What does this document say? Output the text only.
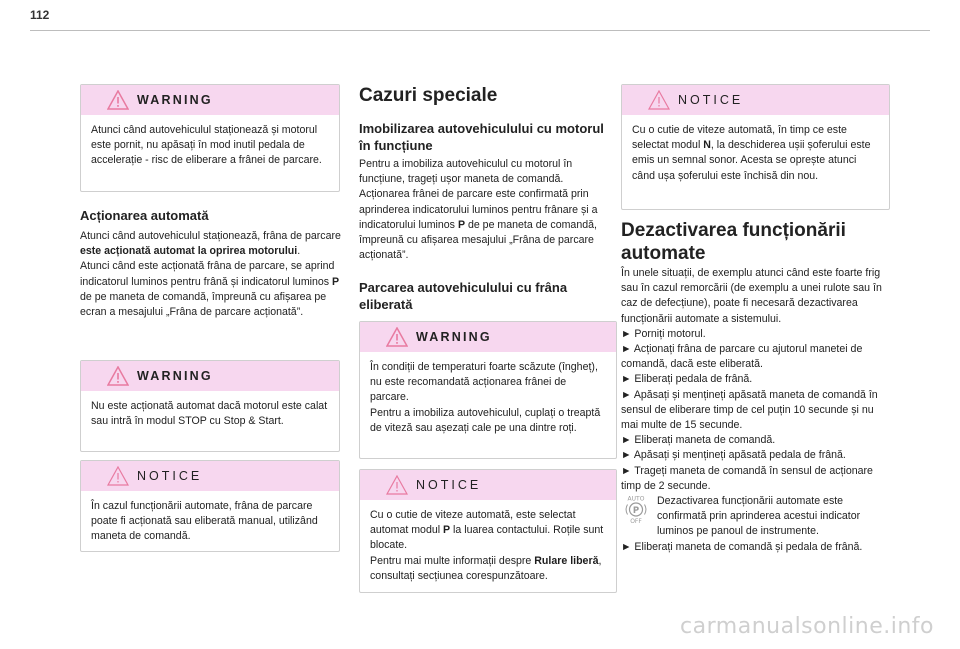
112
WARNING
Atunci când autovehiculul staționează și motorul este pornit, nu apăsați în mod inutil pedala de accelerație - risc de eliberare a frânei de parcare.
Acționarea automată
Atunci când autovehiculul staționează, frâna de parcare este acționată automat la oprirea motorului.
Atunci când este acționată frâna de parcare, se aprind indicatorul luminos pentru frână și indicatorul luminos P de pe maneta de comandă, împreună cu afișarea pe ecran a mesajului „Frâna de parcare acționată”.
WARNING
Nu este acționată automat dacă motorul este calat sau intră în modul STOP cu Stop & Start.
NOTICE
În cazul funcționării automate, frâna de parcare poate fi acționată sau eliberată manual, utilizând maneta de comandă.
Cazuri speciale
Imobilizarea autovehiculului cu motorul în funcțiune
Pentru a imobiliza autovehiculul cu motorul în funcțiune, trageți ușor maneta de comandă.
Acționarea frânei de parcare este confirmată prin aprinderea indicatorului luminos pentru frânare și a indicatorului luminos P de pe maneta de comandă, împreună cu afișarea mesajului „Frâna de parcare acționată”.
Parcarea autovehiculului cu frâna eliberată
WARNING
În condiții de temperaturi foarte scăzute (îngheț), nu este recomandată acționarea frânei de parcare.
Pentru a imobiliza autovehiculul, cuplați o treaptă de viteză sau așezați cale pe una dintre roți.
NOTICE
Cu o cutie de viteze automată, este selectat automat modul P la luarea contactului. Roțile sunt blocate.
Pentru mai multe informații despre Rulare liberă, consultați secțiunea corespunzătoare.
NOTICE
Cu o cutie de viteze automată, în timp ce este selectat modul N, la deschiderea ușii șoferului este emis un semnal sonor. Acesta se oprește atunci când ușa șoferului este închisă din nou.
Dezactivarea funcționării automate
În unele situații, de exemplu atunci când este foarte frig sau în cazul remorcării (de exemplu a unei rulote sau în caz de defecțiune), poate fi necesară dezactivarea funcționării automate a sistemului.
► Porniți motorul.
► Acționați frâna de parcare cu ajutorul manetei de comandă, dacă este eliberată.
► Eliberați pedala de frână.
► Apăsați și mențineți apăsată maneta de comandă în sensul de eliberare timp de cel puțin 10 secunde și nu mai multe de 15 secunde.
► Eliberați maneta de comandă.
► Apăsați și mențineți apăsată pedala de frână.
► Trageți maneta de comandă în sensul de acționare timp de 2 secunde.
AUTO
P
OFF
Dezactivarea funcționării automate este confirmată prin aprinderea acestui indicator luminos pe panoul de instrumente.
► Eliberați maneta de comandă și pedala de frână.
carmanualsonline.info
